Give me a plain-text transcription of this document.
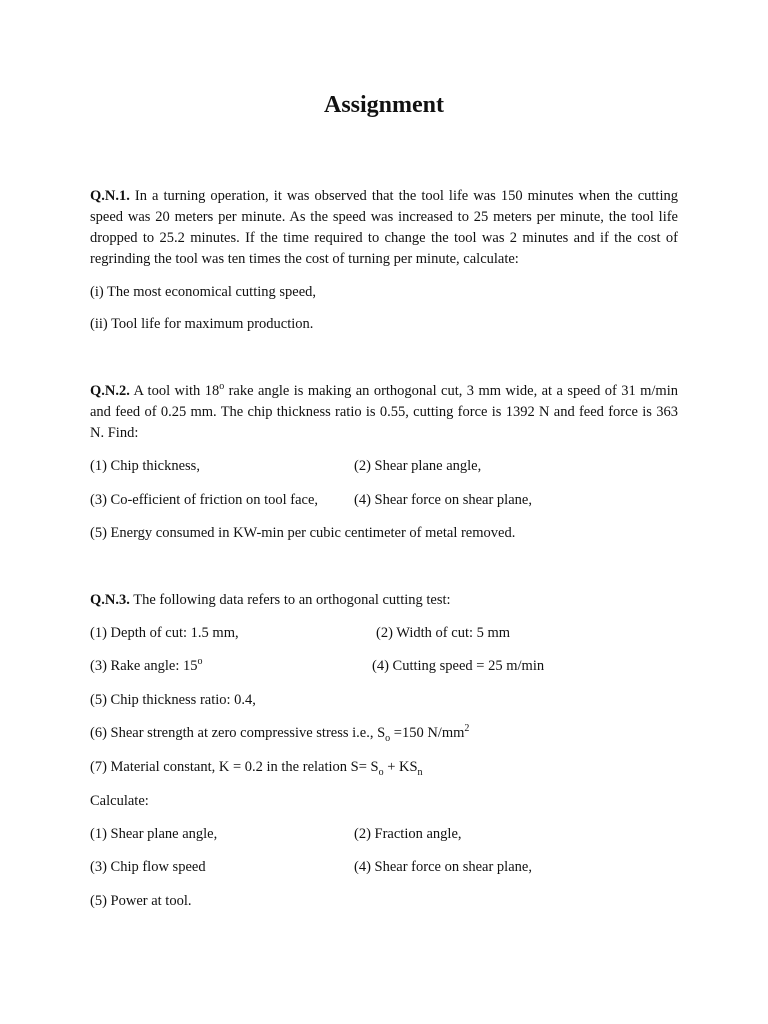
Assignment
Q.N.1. In a turning operation, it was observed that the tool life was 150 minutes when the cutting speed was 20 meters per minute. As the speed was increased to 25 meters per minute, the tool life dropped to 25.2 minutes. If the time required to change the tool was 2 minutes and if the cost of regrinding the tool was ten times the cost of turning per minute, calculate:
(i) The most economical cutting speed,
(ii) Tool life for maximum production.
Q.N.2. A tool with 18$^o$ rake angle is making an orthogonal cut, 3 mm wide, at a speed of 31 m/min and feed of 0.25 mm. The chip thickness ratio is 0.55, cutting force is 1392 N and feed force is 363 N. Find:
(1) Chip thickness,	(2) Shear plane angle,
(3) Co-efficient of friction on tool face, (4) Shear force on shear plane,
(5) Energy consumed in KW-min per cubic centimeter of metal removed.
Q.N.3. The following data refers to an orthogonal cutting test:
(1) Depth of cut: 1.5 mm,	(2) Width of cut: 5 mm
(3) Rake angle: 15$^o$	(4) Cutting speed = 25 m/min
(5) Chip thickness ratio: 0.4,
(6) Shear strength at zero compressive stress i.e., $S_o =150$ $N/mm^2$
(7) Material constant, K = 0.2 in the relation $S= S_o + KS_n$
Calculate:
(1) Shear plane angle,	(2) Fraction angle,
(3) Chip flow speed	(4) Shear force on shear plane,
(5) Power at tool.
